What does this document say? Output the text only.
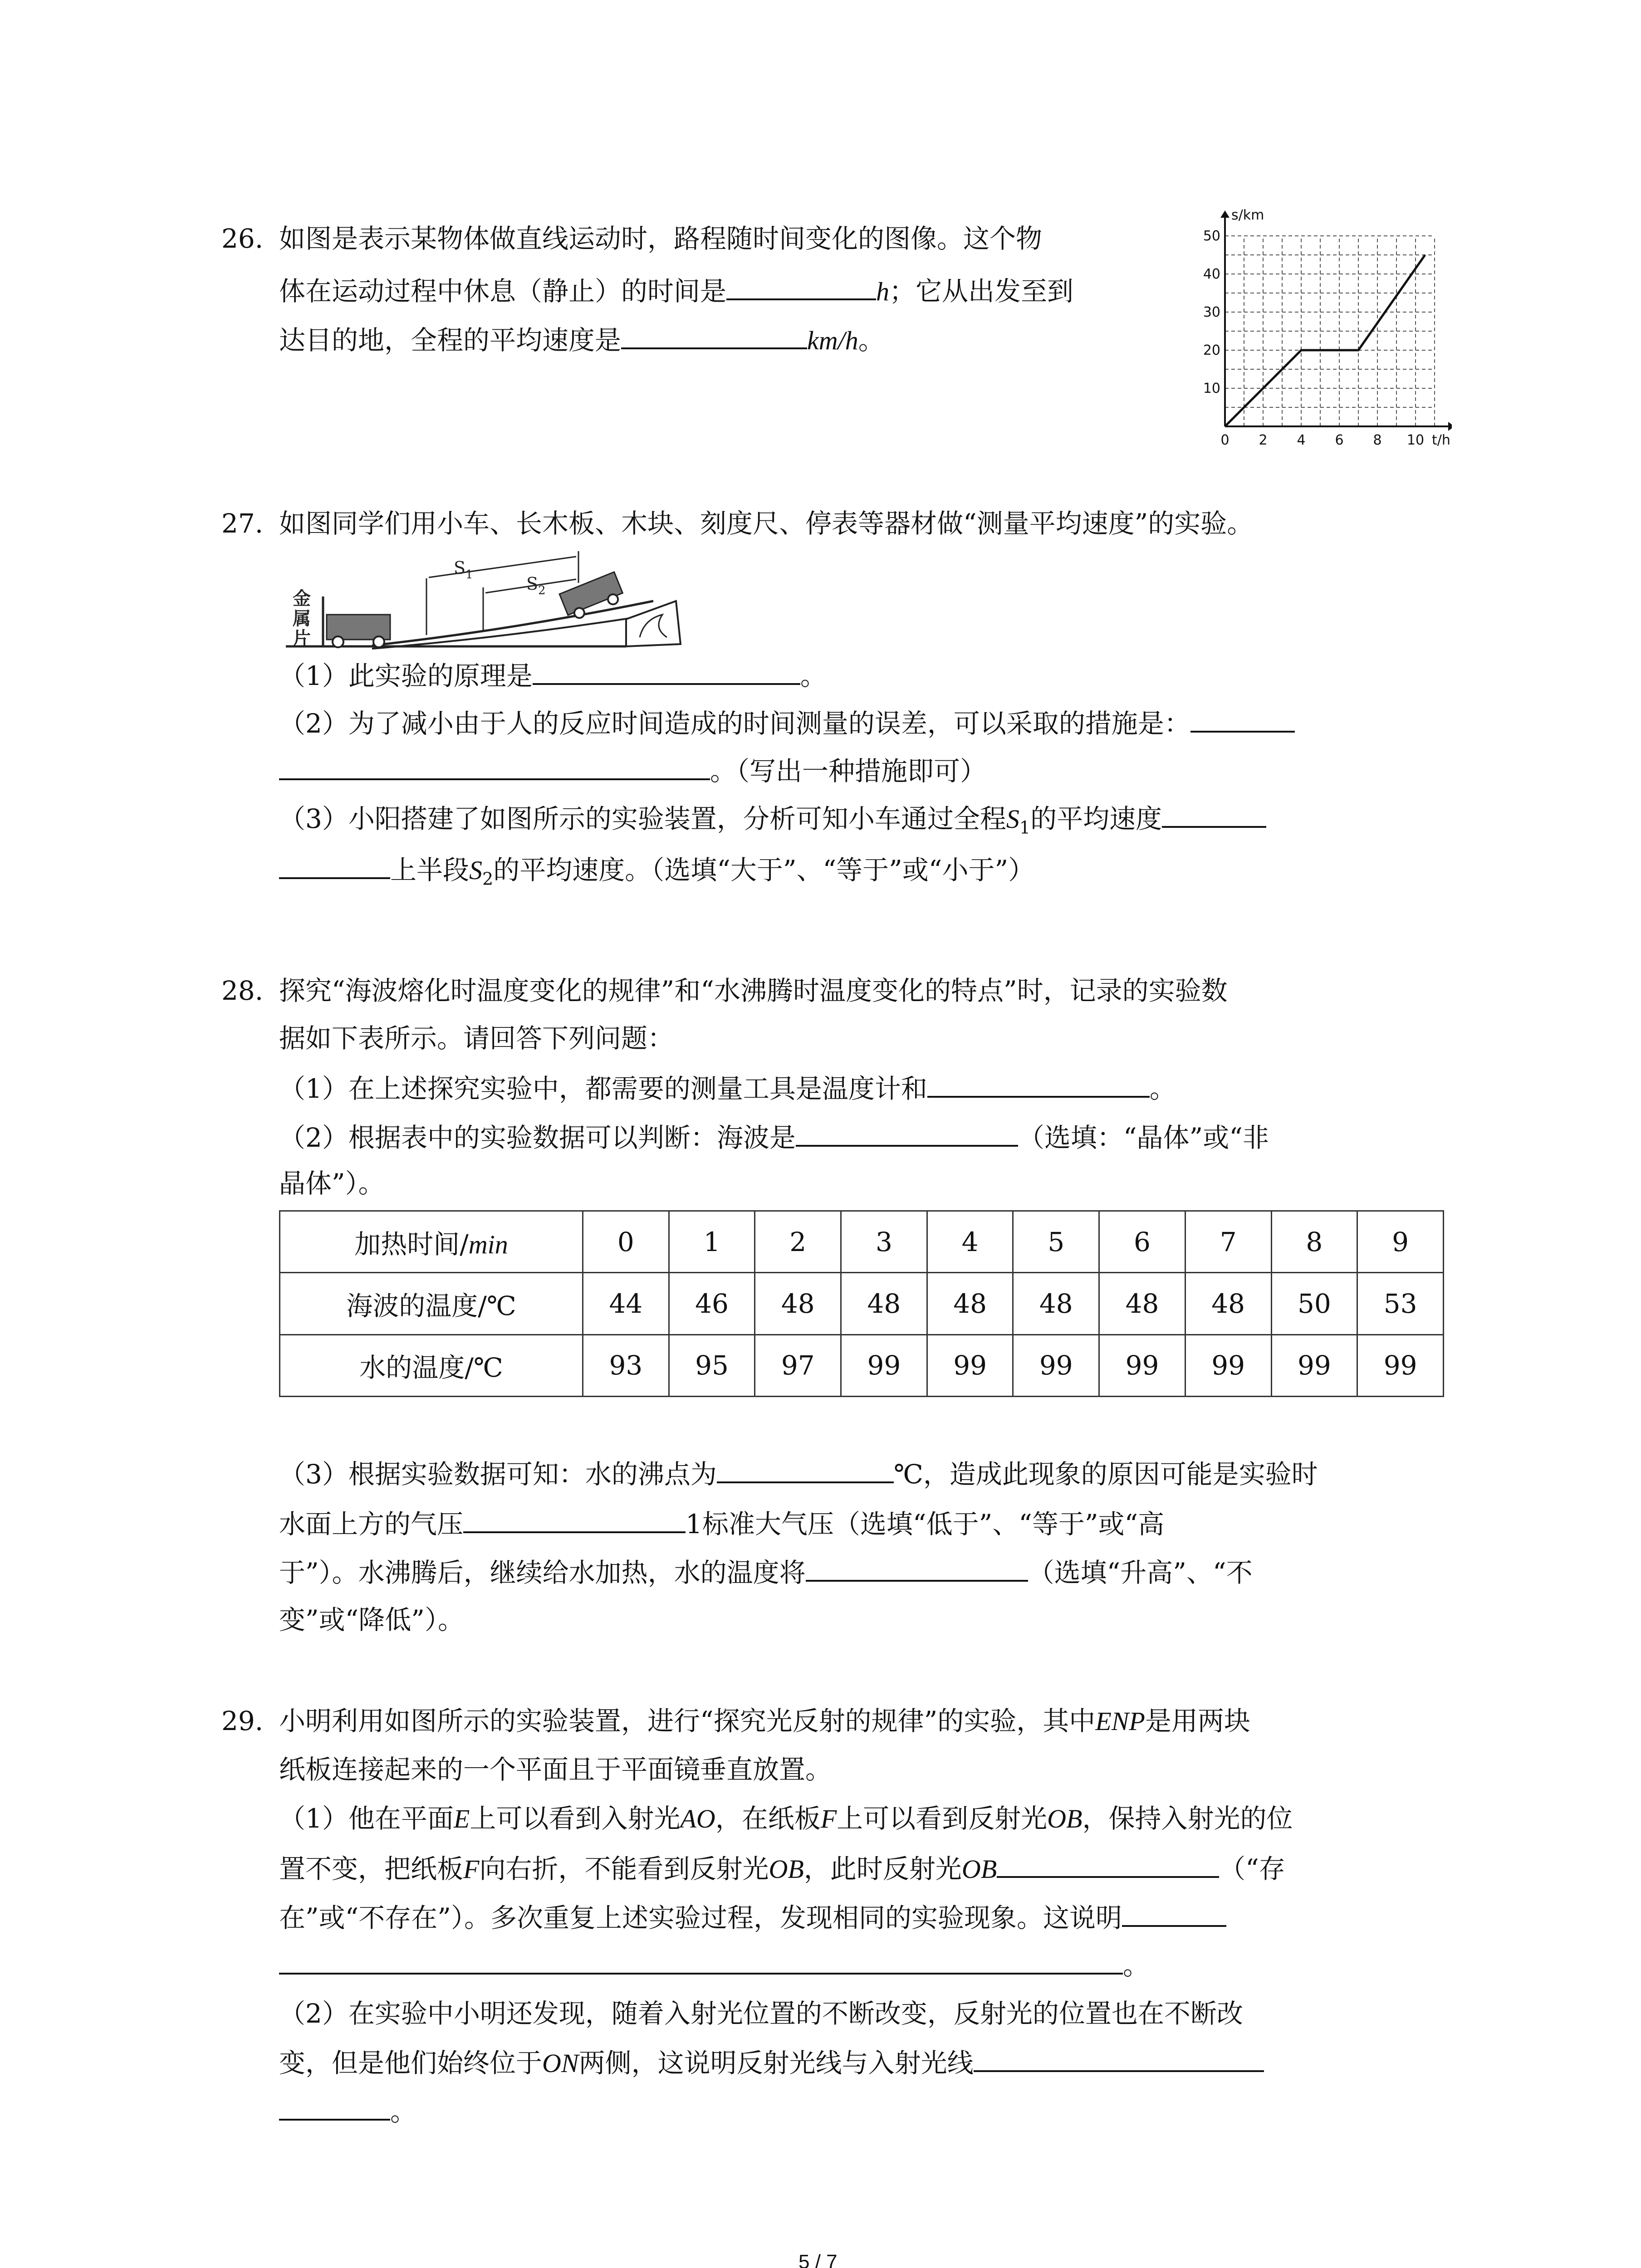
26. 如图是表示某物体做直线运动时，路程随时间变化的图像。这个物
体在运动过程中休息（静止）的时间是	h；它从出发至到
达目的地，全程的平均速度是	km/h。
0 2 4 6 8 10
10
20
30
40
50
s/km
t/h
27. 如图同学们用小车、长木板、木块、刻度尺、停表等器材做“测量平均速度”的实验。
金
属
片
$S_1$	$S_2$
（1）此实验的原理是	。
（2）为了减小由于人的反应时间造成的时间测量的误差，可以采取的措施是：
。（写出一种措施即可）
（3）小阳搭建了如图所示的实验装置，分析可知小车通过全程$S_1$的平均速度
上半段$S_2$的平均速度。（选填“大于”、“等于”或“小于”）
28. 探究“海波熔化时温度变化的规律”和“水沸腾时温度变化的特点”时，记录的实验数
据如下表所示。请回答下列问题：
（1）在上述探究实验中，都需要的测量工具是温度计和	。
（2）根据表中的实验数据可以判断：海波是	（选填：“晶体”或“非
晶体”）。
加热时间/min	0	1	2	3	4	5	6	7	8	9
海波的温度/℃	44	46	48	48	48	48	48	48	50	53
水的温度/℃	93	95	97	99	99	99	99	99	99	99
（3）根据实验数据可知：水的沸点为	℃，造成此现象的原因可能是实验时
水面上方的气压	1标准大气压（选填“低于”、“等于”或“高
于”）。水沸腾后，继续给水加热，水的温度将	（选填“升高”、“不
变”或“降低”）。
29. 小明利用如图所示的实验装置，进行“探究光反射的规律”的实验，其中ENP是用两块
纸板连接起来的一个平面且于平面镜垂直放置。
（1）他在平面E上可以看到入射光AO，在纸板F上可以看到反射光OB，保持入射光的位
置不变，把纸板F向右折，不能看到反射光OB，此时反射光OB	（“存
在”或“不存在”）。多次重复上述实验过程，发现相同的实验现象。这说明
。
（2）在实验中小明还发现，随着入射光位置的不断改变，反射光的位置也在不断改
变，但是他们始终位于ON两侧，这说明反射光线与入射光线
。
5 / 7
